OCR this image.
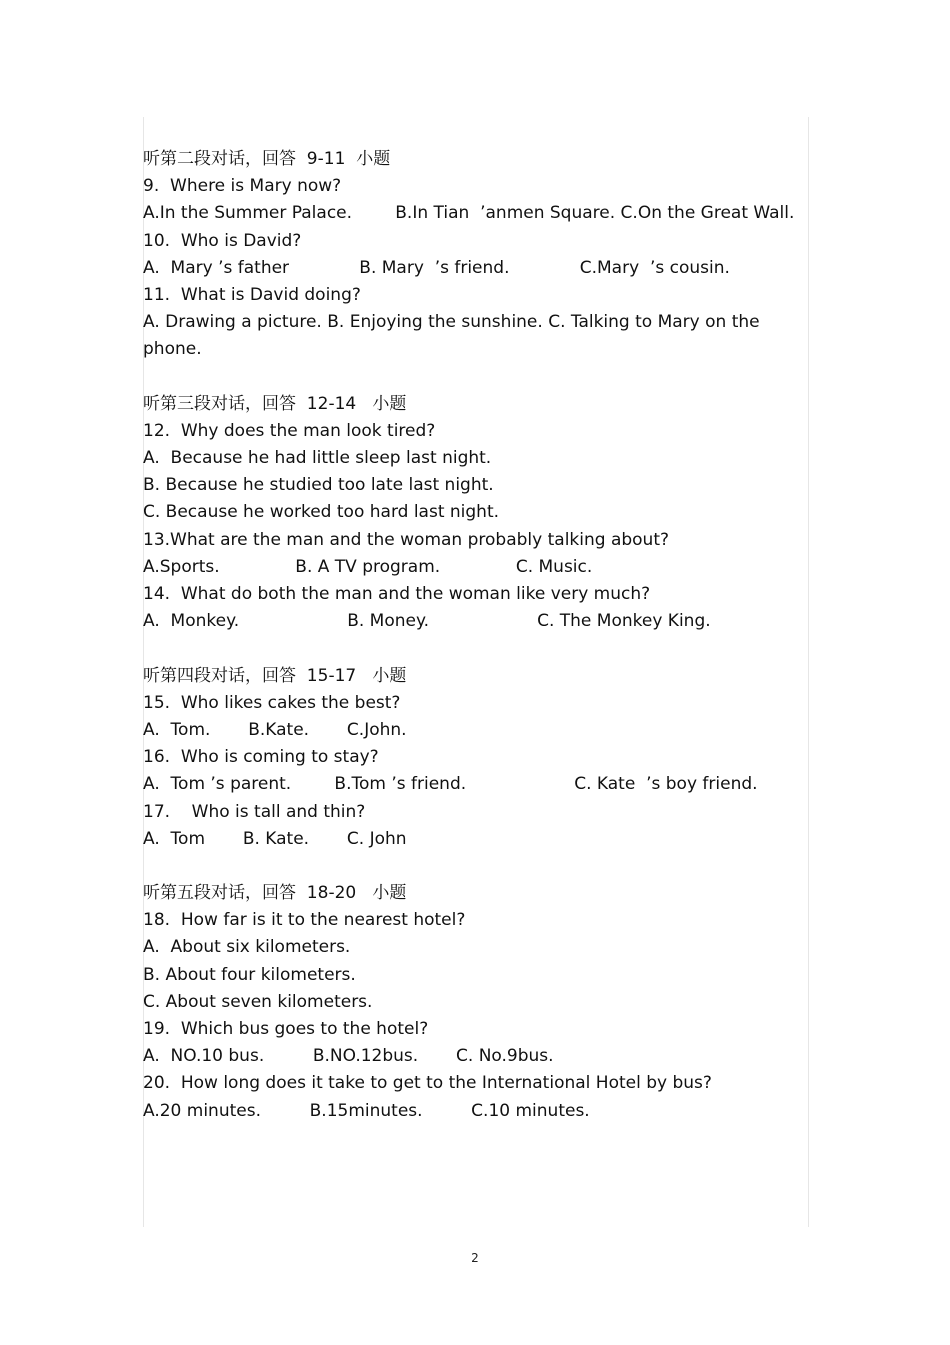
听第二段对话，回答  9-11  小题
9.  Where is Mary now?
A.In the Summer Palace.        B.In Tian  ’anmen Square. C.On the Great Wall.
10.  Who is David?
A.  Mary ’s father             B. Mary  ’s friend.             C.Mary  ’s cousin.
11.  What is David doing?
A. Drawing a picture. B. Enjoying the sunshine. C. Talking to Mary on the phone.
听第三段对话，回答  12-14   小题
12.  Why does the man look tired?
A.  Because he had little sleep last night.
B. Because he studied too late last night.
C. Because he worked too hard last night.
13.What are the man and the woman probably talking about?
A.Sports.              B. A TV program.              C. Music.
14.  What do both the man and the woman like very much?
A.  Monkey.                    B. Money.                    C. The Monkey King.
听第四段对话，回答  15-17   小题
15.  Who likes cakes the best?
A.  Tom.       B.Kate.       C.John.
16.  Who is coming to stay?
A.  Tom ’s parent.        B.Tom ’s friend.                    C. Kate  ’s boy friend.
17.    Who is tall and thin?
A.  Tom       B. Kate.       C. John
听第五段对话，回答  18-20   小题
18.  How far is it to the nearest hotel?
A.  About six kilometers.
B. About four kilometers.
C. About seven kilometers.
19.  Which bus goes to the hotel?
A.  NO.10 bus.         B.NO.12bus.       C. No.9bus.
20.  How long does it take to get to the International Hotel by bus?
A.20 minutes.         B.15minutes.         C.10 minutes.
2
